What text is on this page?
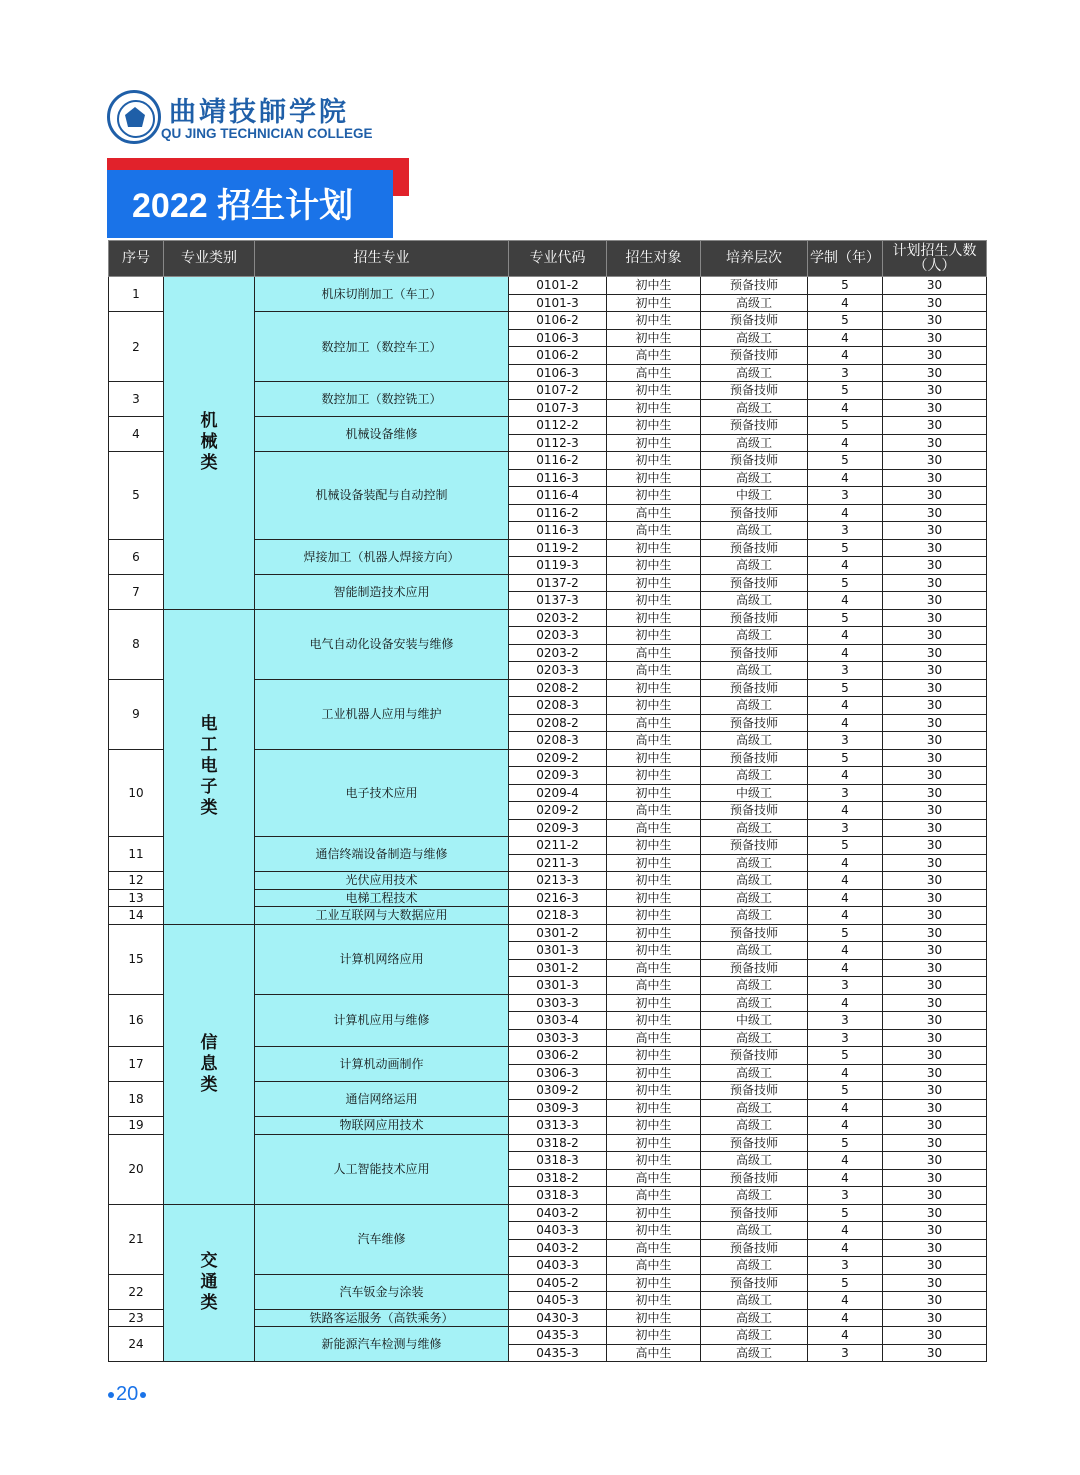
曲靖技師学院
QU JING TECHNICIAN COLLEGE
2022 招生计划
序号	专业类别	招生专业	专业代码	招生对象	培养层次	学制（年）	计划招生人数（人）
1	机械类	机床切削加工（车工）	0101-2	初中生	预备技师	5	30
			0101-3	初中生	高级工	4	30
2		数控加工（数控车工）	0106-2	初中生	预备技师	5	30
			0106-3	初中生	高级工	4	30
			0106-2	高中生	预备技师	4	30
			0106-3	高中生	高级工	3	30
3		数控加工（数控铣工）	0107-2	初中生	预备技师	5	30
			0107-3	初中生	高级工	4	30
4		机械设备维修	0112-2	初中生	预备技师	5	30
			0112-3	初中生	高级工	4	30
5		机械设备装配与自动控制	0116-2	初中生	预备技师	5	30
			0116-3	初中生	高级工	4	30
			0116-4	初中生	中级工	3	30
			0116-2	高中生	预备技师	4	30
			0116-3	高中生	高级工	3	30
6		焊接加工（机器人焊接方向）	0119-2	初中生	预备技师	5	30
			0119-3	初中生	高级工	4	30
7		智能制造技术应用	0137-2	初中生	预备技师	5	30
			0137-3	初中生	高级工	4	30
8	电工电子类	电气自动化设备安装与维修	0203-2	初中生	预备技师	5	30
			0203-3	初中生	高级工	4	30
			0203-2	高中生	预备技师	4	30
			0203-3	高中生	高级工	3	30
9		工业机器人应用与维护	0208-2	初中生	预备技师	5	30
			0208-3	初中生	高级工	4	30
			0208-2	高中生	预备技师	4	30
			0208-3	高中生	高级工	3	30
10		电子技术应用	0209-2	初中生	预备技师	5	30
			0209-3	初中生	高级工	4	30
			0209-4	初中生	中级工	3	30
			0209-2	高中生	预备技师	4	30
			0209-3	高中生	高级工	3	30
11		通信终端设备制造与维修	0211-2	初中生	预备技师	5	30
			0211-3	初中生	高级工	4	30
12		光伏应用技术	0213-3	初中生	高级工	4	30
13		电梯工程技术	0216-3	初中生	高级工	4	30
14		工业互联网与大数据应用	0218-3	初中生	高级工	4	30
15	信息类	计算机网络应用	0301-2	初中生	预备技师	5	30
			0301-3	初中生	高级工	4	30
			0301-2	高中生	预备技师	4	30
			0301-3	高中生	高级工	3	30
16		计算机应用与维修	0303-3	初中生	高级工	4	30
			0303-4	初中生	中级工	3	30
			0303-3	高中生	高级工	3	30
17		计算机动画制作	0306-2	初中生	预备技师	5	30
			0306-3	初中生	高级工	4	30
18		通信网络运用	0309-2	初中生	预备技师	5	30
			0309-3	初中生	高级工	4	30
19		物联网应用技术	0313-3	初中生	高级工	4	30
20		人工智能技术应用	0318-2	初中生	预备技师	5	30
			0318-3	初中生	高级工	4	30
			0318-2	高中生	预备技师	4	30
			0318-3	高中生	高级工	3	30
21	交通类	汽车维修	0403-2	初中生	预备技师	5	30
			0403-3	初中生	高级工	4	30
			0403-2	高中生	预备技师	4	30
			0403-3	高中生	高级工	3	30
22		汽车钣金与涂装	0405-2	初中生	预备技师	5	30
			0405-3	初中生	高级工	4	30
23		铁路客运服务（高铁乘务）	0430-3	初中生	高级工	4	30
24		新能源汽车检测与维修	0435-3	初中生	高级工	4	30
			0435-3	高中生	高级工	3	30
20
